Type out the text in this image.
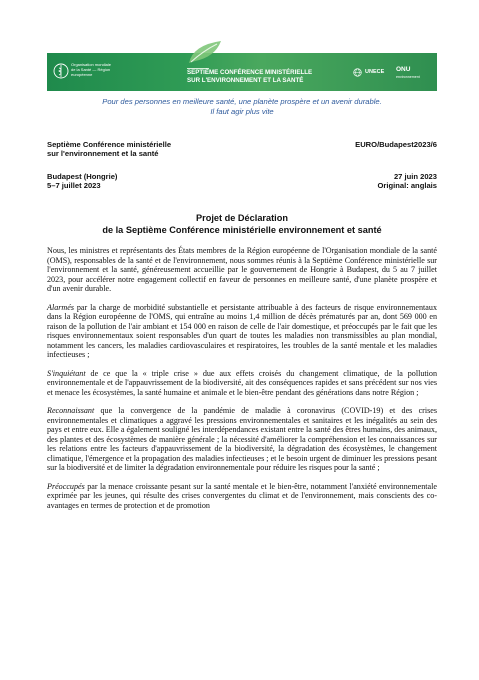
Organisation mondiale de la Santé — Région européenne	SEPTIÈME CONFÉRENCE MINISTÉRIELLE
SUR L'ENVIRONNEMENT ET LA SANTÉ
UNECE ONU
environnement
Pour des personnes en meilleure santé, une planète prospère et un avenir durable.
Il faut agir plus vite
Septième Conférence ministérielle
sur l'environnement et la santé
EURO/Budapest2023/6
Budapest (Hongrie)
5–7 juillet 2023
27 juin 2023
Original: anglais
Projet de Déclaration
de la Septième Conférence ministérielle environnement et santé

Nous, les ministres et représentants des États membres de la Région européenne de l'Organisation mondiale de la santé (OMS), responsables de la santé et de l'environnement, nous sommes réunis à la Septième Conférence ministérielle sur l'environnement et la santé, généreusement accueillie par le gouvernement de Hongrie à Budapest, du 5 au 7 juillet 2023, pour accélérer notre engagement collectif en faveur de personnes en meilleure santé, d'une planète prospère et d'un avenir durable.

Alarmés par la charge de morbidité substantielle et persistante attribuable à des facteurs de risque environnementaux dans la Région européenne de l'OMS, qui entraîne au moins 1,4 million de décès prématurés par an, dont 569 000 en raison de la pollution de l'air ambiant et 154 000 en raison de celle de l'air domestique, et préoccupés par le fait que les risques environnementaux soient responsables d'un quart de toutes les maladies non transmissibles au plan mondial, notamment les cancers, les maladies cardiovasculaires et respiratoires, les troubles de la santé mentale et les maladies infectieuses ;

S'inquiétant de ce que la « triple crise » due aux effets croisés du changement climatique, de la pollution environnementale et de l'appauvrissement de la biodiversité, ait des conséquences rapides et sans précédent sur nos vies et menace les écosystèmes, la santé humaine et animale et le bien-être pendant des générations dans notre Région ;

Reconnaissant que la convergence de la pandémie de maladie à coronavirus (COVID-19) et des crises environnementales et climatiques a aggravé les pressions environnementales et sanitaires et les inégalités au sein des pays et entre eux. Elle a également souligné les interdépendances existant entre la santé des êtres humains, des animaux, des plantes et des écosystèmes de manière générale ; la nécessité d'améliorer la compréhension et les connaissances sur les relations entre les facteurs d'appauvrissement de la biodiversité, la dégradation des écosystèmes, le changement climatique, l'émergence et la propagation des maladies infectieuses ; et le besoin urgent de diminuer les pressions pesant sur la biodiversité et de limiter la dégradation environnementale pour réduire les risques pour la santé ;

Préoccupés par la menace croissante pesant sur la santé mentale et le bien-être, notamment l'anxiété environnementale exprimée par les jeunes, qui résulte des crises convergentes du climat et de l'environnement, mais conscients des co-avantages en termes de protection et de promotion
